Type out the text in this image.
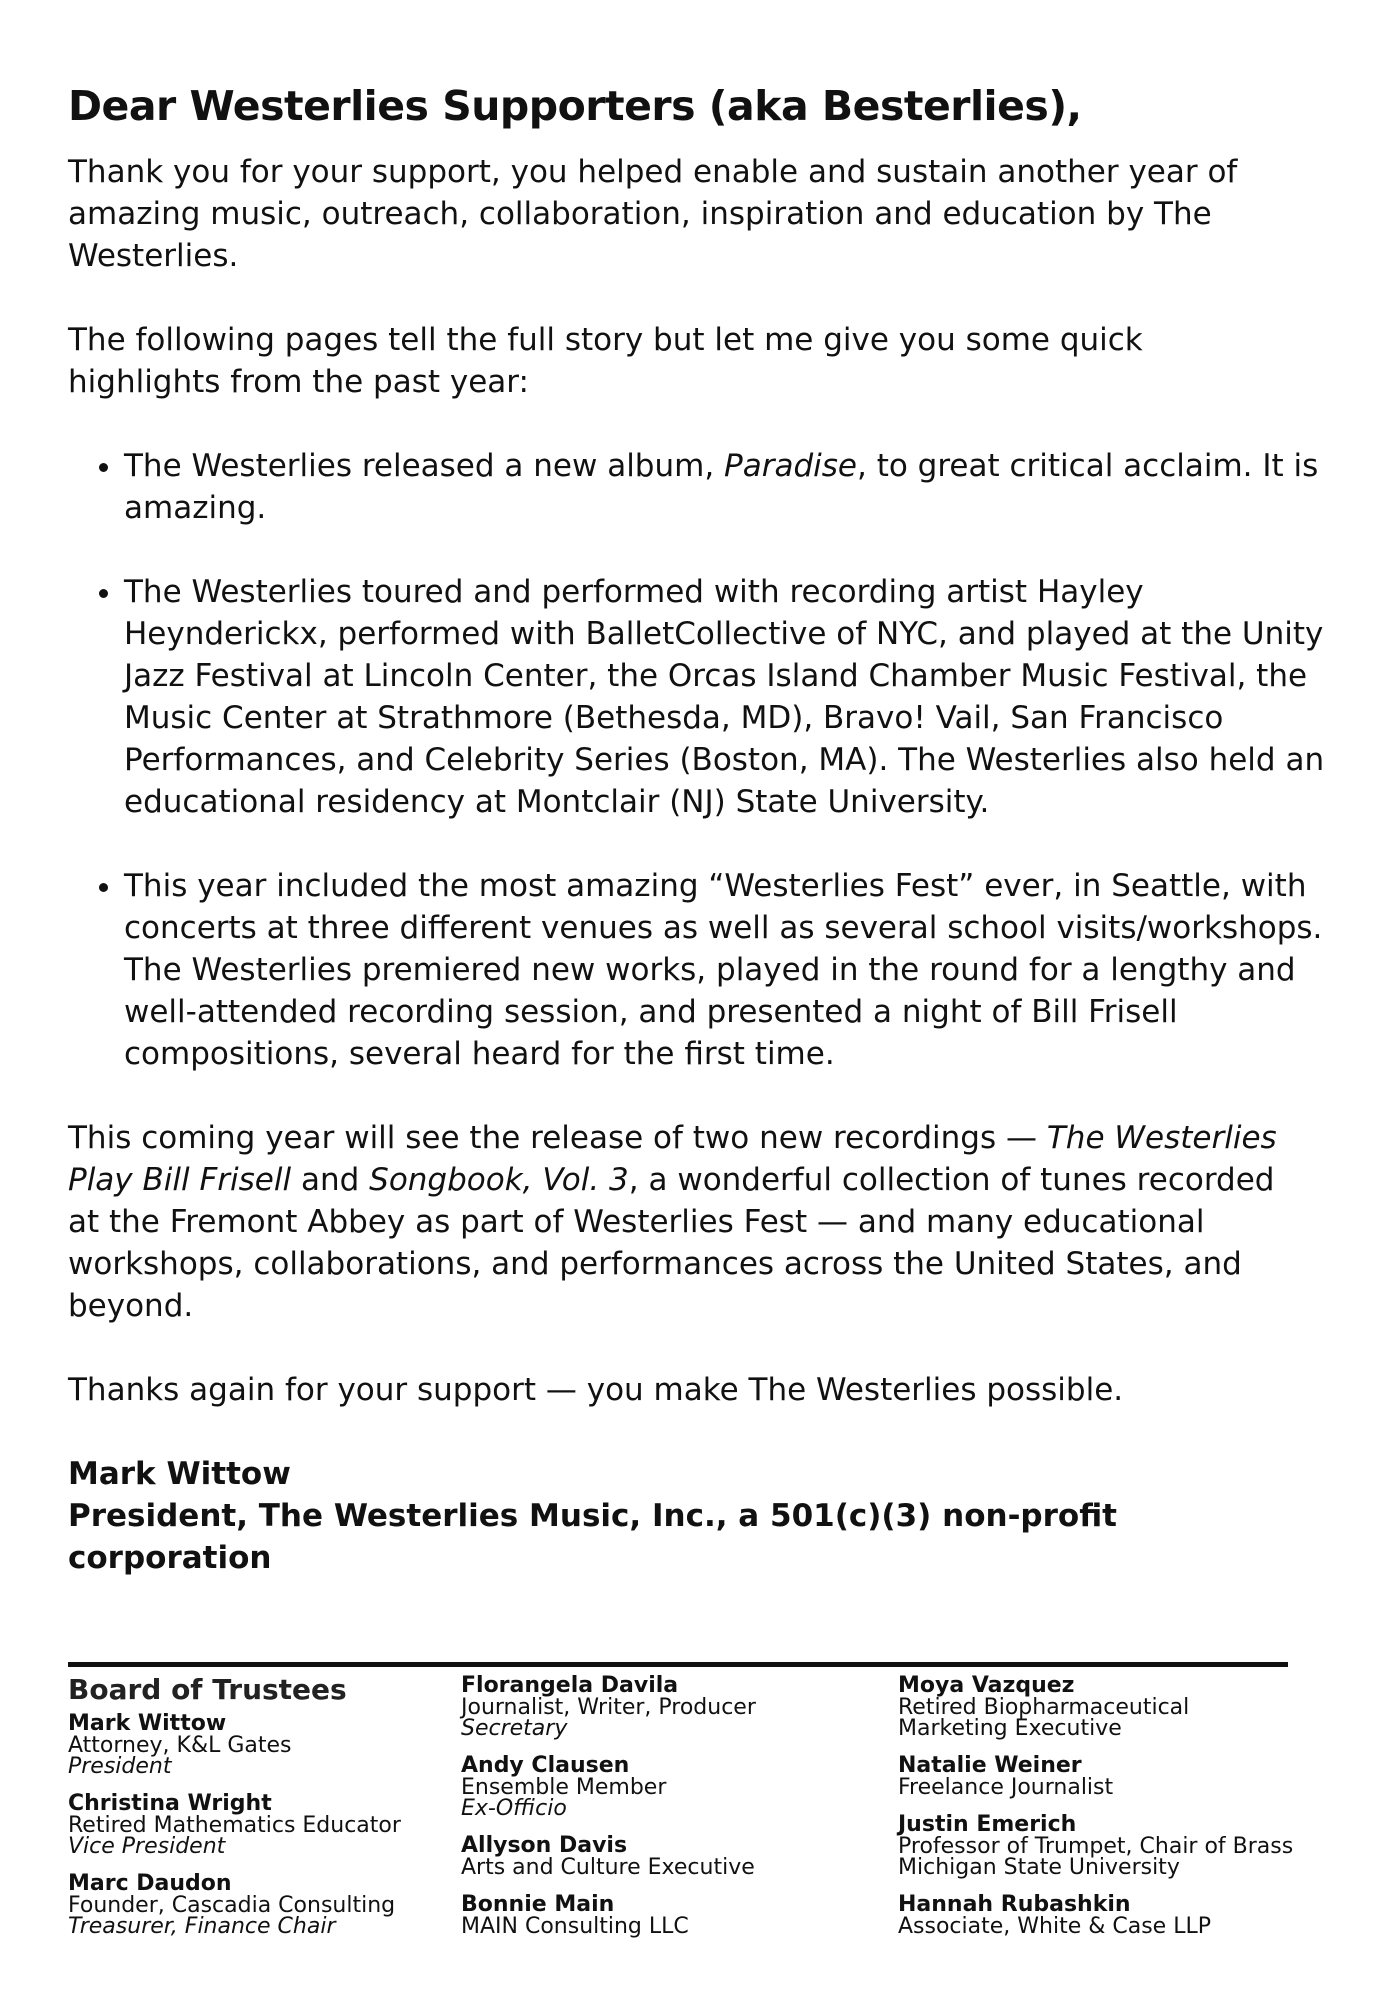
Dear Westerlies Supporters (aka Besterlies),

Thank you for your support, you helped enable and sustain another year of amazing music, outreach, collaboration, inspiration and education by The Westerlies.

The following pages tell the full story but let me give you some quick highlights from the past year:

• The Westerlies released a new album, Paradise, to great critical acclaim. It is amazing.
• The Westerlies toured and performed with recording artist Hayley Heynderickx, performed with BalletCollective of NYC, and played at the Unity Jazz Festival at Lincoln Center, the Orcas Island Chamber Music Festival, the Music Center at Strathmore (Bethesda, MD), Bravo! Vail, San Francisco Performances, and Celebrity Series (Boston, MA). The Westerlies also held an educational residency at Montclair (NJ) State University.
• This year included the most amazing “Westerlies Fest” ever, in Seattle, with concerts at three different venues as well as several school visits/workshops. The Westerlies premiered new works, played in the round for a lengthy and well-attended recording session, and presented a night of Bill Frisell compositions, several heard for the first time.

This coming year will see the release of two new recordings — The Westerlies Play Bill Frisell and Songbook, Vol. 3, a wonderful collection of tunes recorded at the Fremont Abbey as part of Westerlies Fest — and many educational workshops, collaborations, and performances across the United States, and beyond.

Thanks again for your support — you make The Westerlies possible.

Mark Wittow
President, The Westerlies Music, Inc., a 501(c)(3) non-profit corporation
Board of Trustees
Mark Wittow
Attorney, K&L Gates
President
Christina Wright
Retired Mathematics Educator
Vice President
Marc Daudon
Founder, Cascadia Consulting
Treasurer, Finance Chair
Florangela Davila
Journalist, Writer, Producer
Secretary
Andy Clausen
Ensemble Member
Ex-Officio
Allyson Davis
Arts and Culture Executive
Bonnie Main
MAIN Consulting LLC
Moya Vazquez
Retired Biopharmaceutical
Marketing Executive
Natalie Weiner
Freelance Journalist
Justin Emerich
Professor of Trumpet, Chair of Brass
Michigan State University
Hannah Rubashkin
Associate, White & Case LLP
